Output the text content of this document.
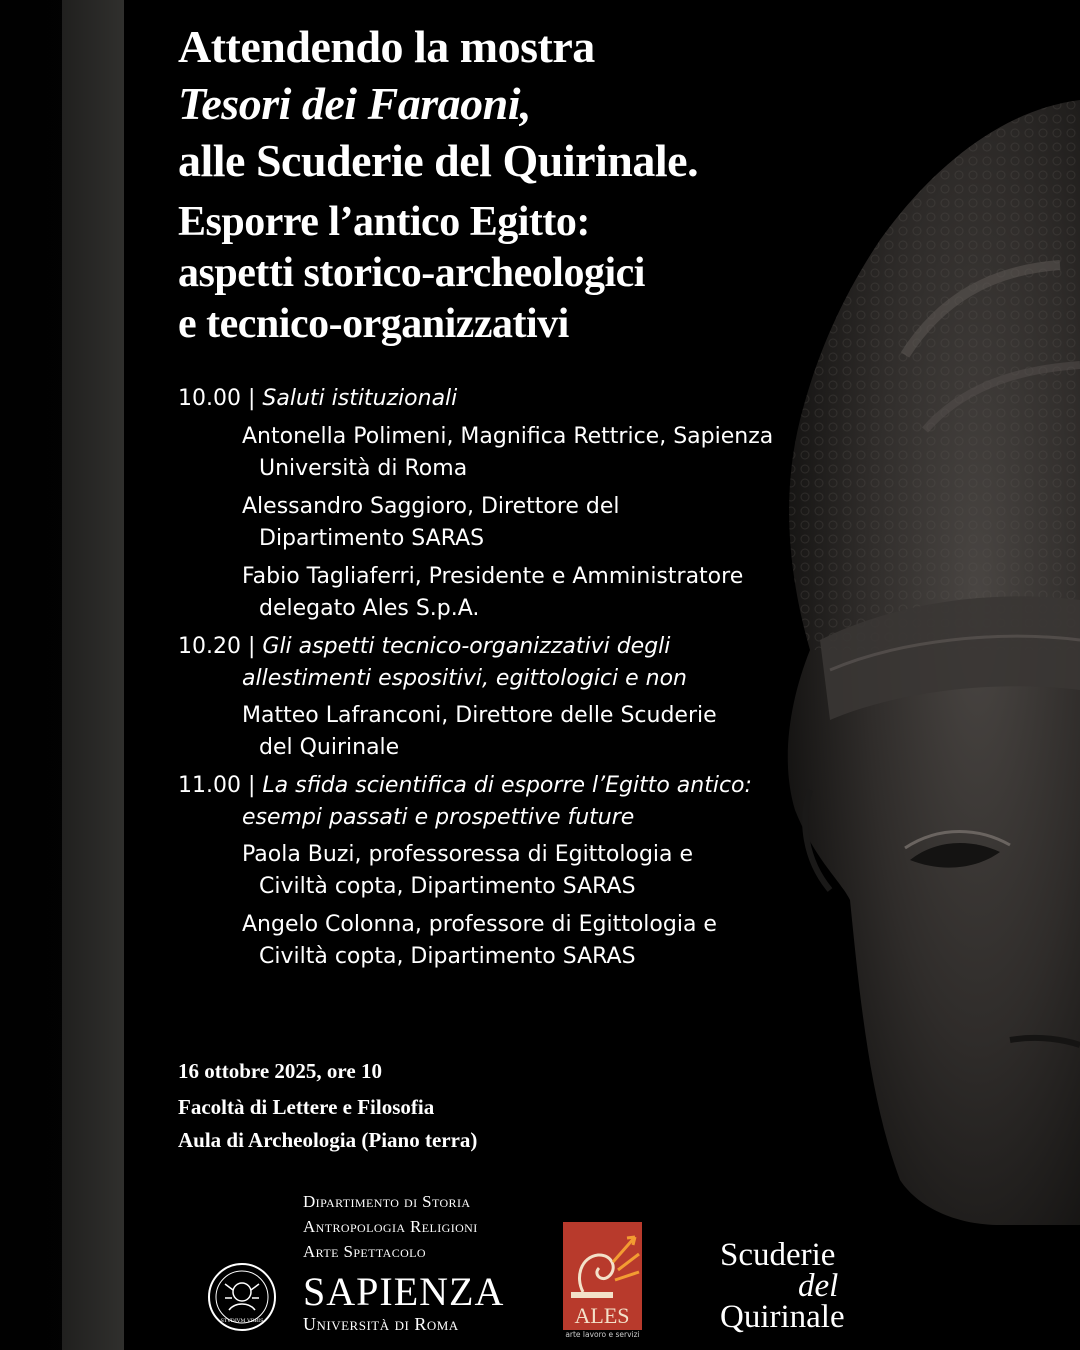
Attendendo la mostra
Tesori dei Faraoni,
alle Scuderie del Quirinale.
Esporre l’antico Egitto:
aspetti storico-archeologici
e tecnico-organizzativi
10.00 | Saluti istituzionali
Antonella Polimeni, Magnifica Rettrice, Sapienza
Università di Roma
Alessandro Saggioro, Direttore del
Dipartimento SARAS
Fabio Tagliaferri, Presidente e Amministratore
delegato Ales S.p.A.
10.20 | Gli aspetti tecnico-organizzativi degli
allestimenti espositivi, egittologici e non
Matteo Lafranconi, Direttore delle Scuderie
del Quirinale
11.00 | La sfida scientifica di esporre l’Egitto antico:
esempi passati e prospettive future
Paola Buzi, professoressa di Egittologia e
Civiltà copta, Dipartimento SARAS
Angelo Colonna, professore di Egittologia e
Civiltà copta, Dipartimento SARAS
16 ottobre 2025, ore 10
Facoltà di Lettere e Filosofia
Aula di Archeologia (Piano terra)
Dipartimento di Storia
Antropologia Religioni
Arte Spettacolo
STVDIVM VRBIS
SAPIENZA
Università di Roma	ALES
arte lavoro e servizi
Scuderie
del
Quirinale
